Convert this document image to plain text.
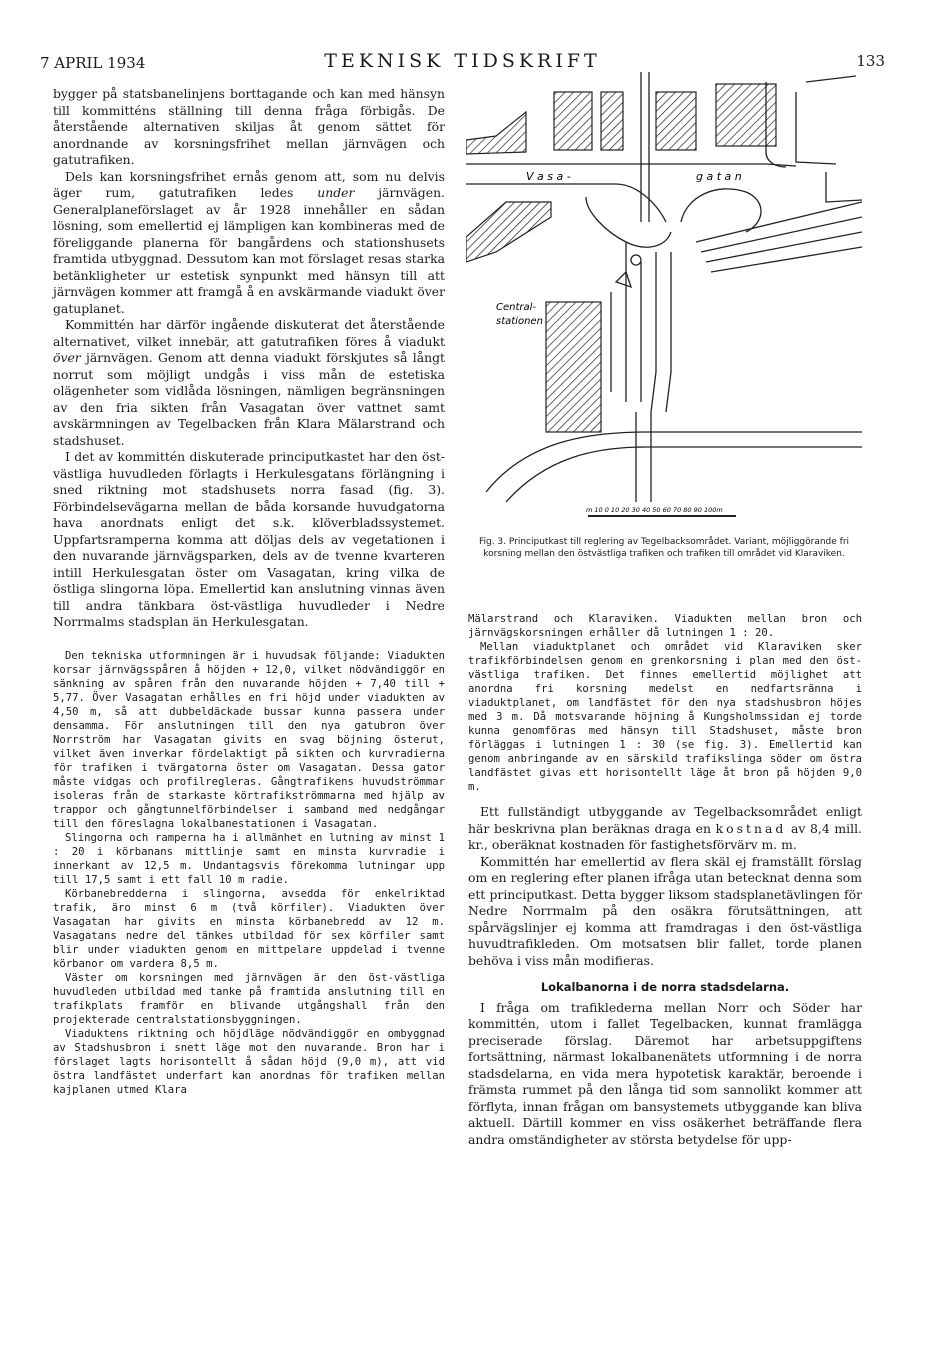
7 APRIL 1934	TEKNISK TIDSKRIFT	133

bygger på statsbanelinjens borttagande och kan med hänsyn till kommitténs ställning till denna fråga förbigås. De återstående alternativen skiljas åt genom sättet för anordnande av korsningsfrihet mellan järnvägen och gatutrafiken.

Dels kan korsningsfrihet ernås genom att, som nu delvis äger rum, gatutrafiken ledes under järnvägen. Generalplaneförslaget av år 1928 innehåller en sådan lösning, som emellertid ej lämpligen kan kombineras med de föreliggande planerna för bangårdens och stationshusets framtida utbyggnad. Dessutom kan mot förslaget resas starka betänkligheter ur estetisk synpunkt med hänsyn till att järnvägen kommer att framgå å en avskärmande viadukt över gatuplanet.

Kommittén har därför ingående diskuterat det återstående alternativet, vilket innebär, att gatutrafiken föres å viadukt över järnvägen. Genom att denna viadukt förskjutes så långt norrut som möjligt undgås i viss mån de estetiska olägenheter som vidlåda lösningen, nämligen begränsningen av den fria sikten från Vasagatan över vattnet samt avskärmningen av Tegelbacken från Klara Mälarstrand och stadshuset.

I det av kommittén diskuterade principutkastet har den öst-västliga huvudleden förlagts i Herkulesgatans förlängning i sned riktning mot stadshusets norra fasad (fig. 3). Förbindelsevägarna mellan de båda korsande huvudgatorna hava anordnats enligt det s.k. klöverbladssystemet. Uppfartsramperna komma att döljas dels av vegetationen i den nuvarande järnvägsparken, dels av de tvenne kvarteren intill Herkulesgatan öster om Vasagatan, kring vilka de östliga slingorna löpa. Emellertid kan anslutning vinnas även till andra tänkbara öst-västliga huvudleder i Nedre Norrmalms stadsplan än Herkulesgatan.

Den tekniska utformningen är i huvudsak följande: Viadukten korsar järnvägsspåren å höjden + 12,0, vilket nödvändiggör en sänkning av spåren från den nuvarande höjden + 7,40 till + 5,77. Över Vasagatan erhålles en fri höjd under viadukten av 4,50 m, så att dubbeldäckade bussar kunna passera under densamma. För anslutningen till den nya gatubron över Norrström har Vasagatan givits en svag böjning österut, vilket även inverkar fördelaktigt på sikten och kurvradierna för trafiken i tvärgatorna öster om Vasagatan. Dessa gator måste vidgas och profilregleras. Gångtrafikens huvudströmmar isoleras från de starkaste körtrafikströmmarna med hjälp av trappor och gångtunnelförbindelser i samband med nedgångar till den föreslagna lokalbanestationen i Vasagatan.

Slingorna och ramperna ha i allmänhet en lutning av minst 1 : 20 i körbanans mittlinje samt en minsta kurvradie i innerkant av 12,5 m. Undantagsvis förekomma lutningar upp till 17,5 samt i ett fall 10 m radie.

Körbanebredderna i slingorna, avsedda för enkelriktad trafik, äro minst 6 m (två körfiler). Viadukten över Vasagatan har givits en minsta körbanebredd av 12 m. Vasagatans nedre del tänkes utbildad för sex körfiler samt blir under viadukten genom en mittpelare uppdelad i tvenne körbanor om vardera 8,5 m.

Väster om korsningen med järnvägen är den öst-västliga huvudleden utbildad med tanke på framtida anslutning till en trafikplats framför en blivande utgångshall från den projekterade centralstationsbyggningen.

Viaduktens riktning och höjdläge nödvändiggör en ombyggnad av Stadshusbron i snett läge mot den nuvarande. Bron har i förslaget lagts horisontellt å sådan höjd (9,0 m), att vid östra landfästet underfart kan anordnas för trafiken mellan kajplanen utmed Klara

V a s a -	g a t a n
Central-
stationen
m 10 0 10 20 30 40 50 60 70 80 90 100m
Fig. 3. Principutkast till reglering av Tegelbacksområdet. Variant, möjliggörande fri korsning mellan den östvästliga trafiken och trafiken till området vid Klaraviken.

Mälarstrand och Klaraviken. Viadukten mellan bron och järnvägskorsningen erhåller då lutningen 1 : 20.

Mellan viaduktplanet och området vid Klaraviken sker trafikförbindelsen genom en grenkorsning i plan med den öst-västliga trafiken. Det finnes emellertid möjlighet att anordna fri korsning medelst en nedfartsränna i viaduktplanet, om landfästet för den nya stadshusbron höjes med 3 m. Då motsvarande höjning å Kungsholmssidan ej torde kunna genomföras med hänsyn till Stadshuset, måste bron förläggas i lutningen 1 : 30 (se fig. 3). Emellertid kan genom anbringande av en särskild trafikslinga söder om östra landfästet givas ett horisontellt läge åt bron på höjden 9,0 m.

Ett fullständigt utbyggande av Tegelbacksområdet enligt här beskrivna plan beräknas draga en kostnad av 8,4 mill. kr., oberäknat kostnaden för fastighetsförvärv m. m.

Kommittén har emellertid av flera skäl ej framställt förslag om en reglering efter planen ifråga utan betecknat denna som ett principutkast. Detta bygger liksom stadsplanetävlingen för Nedre Norrmalm på den osäkra förutsättningen, att spårvägslinjer ej komma att framdragas i den öst-västliga huvudtrafikleden. Om motsatsen blir fallet, torde planen behöva i viss mån modifieras.

Lokalbanorna i de norra stadsdelarna.

I fråga om trafiklederna mellan Norr och Söder har kommittén, utom i fallet Tegelbacken, kunnat framlägga preciserade förslag. Däremot har arbetsuppgiftens fortsättning, närmast lokalbanenätets utformning i de norra stadsdelarna, en vida mera hypotetisk karaktär, beroende i främsta rummet på den långa tid som sannolikt kommer att förflyta, innan frågan om bansystemets utbyggande kan bliva aktuell. Därtill kommer en viss osäkerhet beträffande flera andra omständigheter av största betydelse för upp-
